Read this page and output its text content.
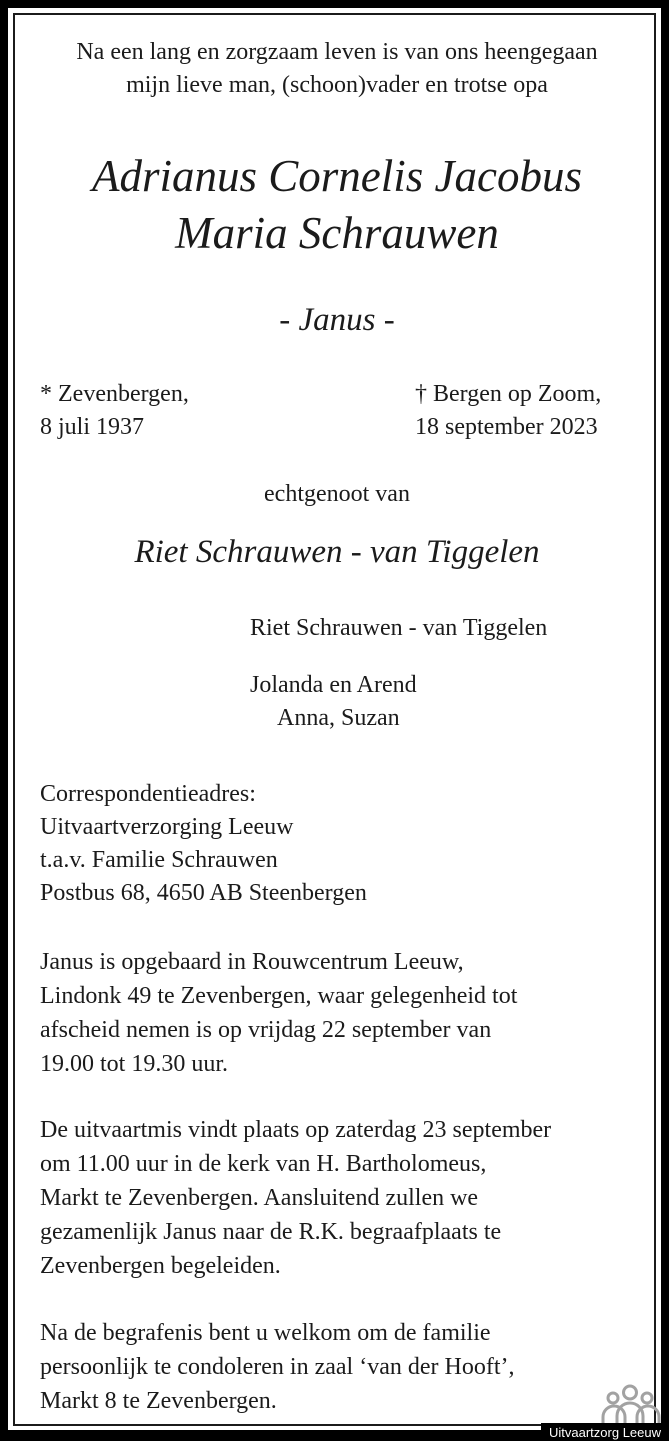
Na een lang en zorgzaam leven is van ons heengegaan
mijn lieve man, (schoon)vader en trotse opa
Adrianus Cornelis Jacobus
Maria Schrauwen
- Janus -
* Zevenbergen,
8 juli 1937
† Bergen op Zoom,
18 september 2023
echtgenoot van
Riet Schrauwen - van Tiggelen
Riet Schrauwen - van Tiggelen
Jolanda en Arend
Anna, Suzan
Correspondentieadres:
Uitvaartverzorging Leeuw
t.a.v. Familie Schrauwen
Postbus 68, 4650 AB Steenbergen
Janus is opgebaard in Rouwcentrum Leeuw,
Lindonk 49 te Zevenbergen, waar gelegenheid tot
afscheid nemen is op vrijdag 22 september van
19.00 tot 19.30 uur.
De uitvaartmis vindt plaats op zaterdag 23 september
om 11.00 uur in de kerk van H. Bartholomeus,
Markt te Zevenbergen. Aansluitend zullen we
gezamenlijk Janus naar de R.K. begraafplaats te
Zevenbergen begeleiden.
Na de begrafenis bent u welkom om de familie
persoonlijk te condoleren in zaal ‘van der Hooft’,
Markt 8 te Zevenbergen.
Uitvaartzorg Leeuw
